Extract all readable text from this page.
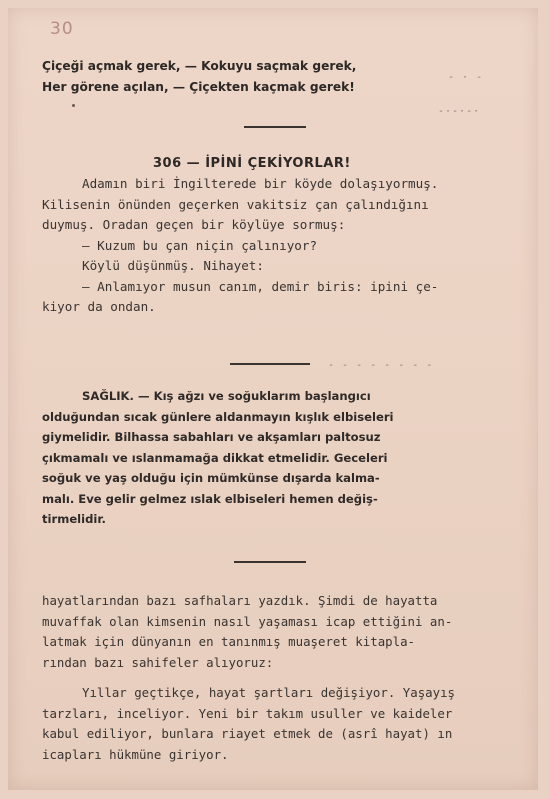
30
Çiçeği açmak gerek, — Kokuyu saçmak gerek,
Her görene açılan, — Çiçekten kaçmak gerek!
- · -
-·-·-·
306 — İPİNİ ÇEKİYORLAR!

Adamın biri İngilterede bir köyde dolaşıyormuş.

Kilisenin önünden geçerken vakitsiz çan çalındığını

duymuş. Oradan geçen bir köylüye sormuş:

— Kuzum bu çan niçin çalınıyor?

Köylü düşünmüş. Nihayet:

— Anlamıyor musun canım, demir biris: ipini çe-

kiyor da ondan.

- - - - - - - -
SAĞLIK. — Kış ağzı ve soğuklarım başlangıcı
olduğundan sıcak günlere aldanmayın kışlık elbiseleri
giymelidir. Bilhassa sabahları ve akşamları paltosuz
çıkmamalı ve ıslanmamağa dikkat etmelidir. Geceleri
soğuk ve yaş olduğu için mümkünse dışarda kalma-
malı. Eve gelir gelmez ıslak elbiseleri hemen değiş-
tirmelidir.

hayatlarından bazı safhaları yazdık. Şimdi de hayatta

muvaffak olan kimsenin nasıl yaşaması icap ettiğini an-

latmak için dünyanın en tanınmış muaşeret kitapla-

rından bazı sahifeler alıyoruz:

Yıllar geçtikçe, hayat şartları değişiyor. Yaşayış

tarzları, inceliyor. Yeni bir takım usuller ve kaideler

kabul ediliyor, bunlara riayet etmek de (asrî hayat) ın

icapları hükmüne giriyor.
